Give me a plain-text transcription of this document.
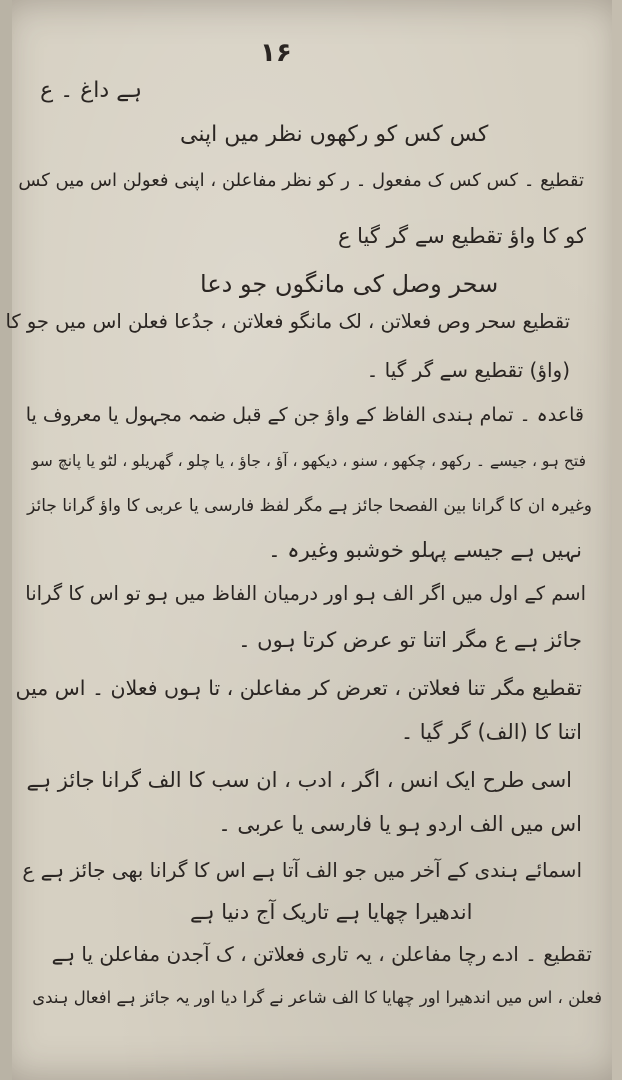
۱۶
ہے داغ ۔ ع
کس کس کو رکھوں نظر میں اپنی
تقطیع ۔ کس کس ک مفعول ۔ ر کو نظر مفاعلن ، اپنی فعولن اس میں کس
کو کا واؤ تقطیع سے گر گیا ع
سحر وصل کی مانگوں جو دعا
تقطیع سحر وص فعلاتن ، لک مانگو فعلاتن ، جدُعا فعلن اس میں جو کا
(واؤ) تقطیع سے گر گیا ۔
قاعدہ ۔ تمام ہندی الفاظ کے واؤ جن کے قبل ضمہ مجہول یا معروف یا
فتح ہو ، جیسے ۔ رکھو ، چکھو ، سنو ، دیکھو ، آؤ ، جاؤ ، یا چلو ، گھریلو ، لٹو یا پانچ سو
وغیرہ ان کا گرانا بین الفصحا جائز ہے مگر لفظ فارسی یا عربی کا واؤ گرانا جائز
نہیں ہے جیسے پہلو خوشبو وغیرہ ۔
اسم کے اول میں اگر الف ہو اور درمیان الفاظ میں ہو تو اس کا گرانا
جائز ہے ع مگر اتنا تو عرض کرتا ہوں ۔
تقطیع مگر تنا فعلاتن ، تعرض کر مفاعلن ، تا ہوں فعلان ۔ اس میں
اتنا کا (الف) گر گیا ۔
اسی طرح ایک انس ، اگر ، ادب ، ان سب کا الف گرانا جائز ہے
اس میں الف اردو ہو یا فارسی یا عربی ۔
اسمائے ہندی کے آخر میں جو الف آتا ہے اس کا گرانا بھی جائز ہے ع
اندھیرا چھایا ہے تاریک آج دنیا ہے
تقطیع ۔ ادے رچا مفاعلن ، یہ تاری فعلاتن ، ک آجدن مفاعلن یا ہے
فعلن ، اس میں اندھیرا اور چھایا کا الف شاعر نے گرا دیا اور یہ جائز ہے افعال ہندی
